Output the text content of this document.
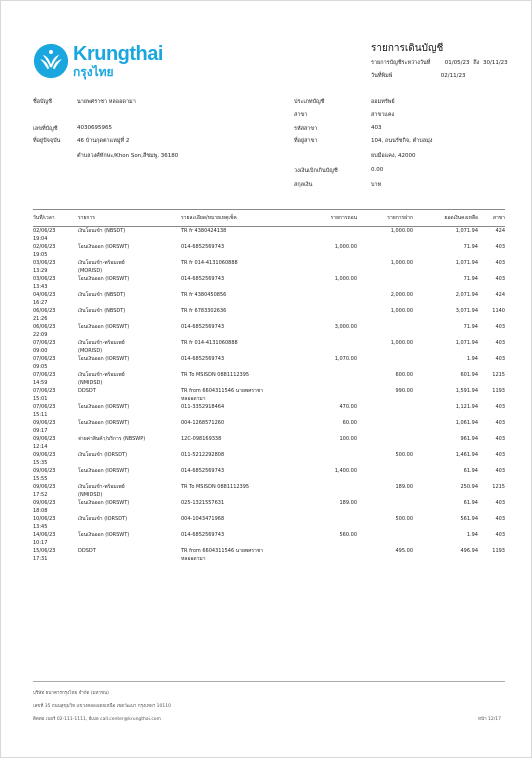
Krungthai
กรุงไทย
รายการเดินบัญชี
รายการบัญชีระหว่างวันที่	01/05/23 ถึง 30/11/23
วันที่พิมพ์	02/11/23
ชื่อบัญชี	นายพศราชา หลออดามา
เลขที่บัญชี	4030695965
ที่อยู่ปัจจุบัน	46 บ้านกุดตาแหมู่ที่ 2
ตำบลวงศ์ทักษะ/Khon Son,สีชมพู, 36180
ประเภทบัญชี	ออมทรัพย์
สาขา	สาขาแคง
รหัสสาขา	403
ที่อยู่สาขา	104, ถนนรัชกิจ, ตำบลมุ่ง
ยบมือแคง, 42000
วงเงินเบิกเกินบัญชี	0.00
สกุลเงิน	บาท
วันที่/เวลา	รายการ	รายละเอียด/หมายเหตุเช็ค	รายการถอน	รายการฝาก	ยอดเงินคงเหลือ	สาขา
02/06/23
19:04	เงินโอนเข้า (NBSDT)	TR fr 4380424138		1,000.00	1,071.94	424
02/06/23
19:05	โอนเงินออก (IORSWT)	014-6852569743	1,000.00		71.94	403
03/06/23
13:29	เงินโอนเข้า-พร้อมเพย์
(MORISD)	TR fr 014-4131060888		1,000.00	1,071.94	403
03/06/23
13:43	โอนเงินออก (IORSWT)	014-6852569743	1,000.00		71.94	403
04/06/23
16:27	เงินโอนเข้า (NBSDT)	TR fr 4380450856		2,000.00	2,071.94	424
06/06/23
21:26	เงินโอนเข้า (NBSDT)	TR fr 6783302636		1,000.00	3,071.94	1140
06/06/23
22:09	โอนเงินออก (IORSWT)	014-6852569743	3,000.00		71.94	403
07/06/23
09:00	เงินโอนเข้า-พร้อมเพย์
(MORISD)	TR fr 014-4131060888		1,000.00	1,071.94	403
07/06/23
09:05	โอนเงินออก (IORSWT)	014-6852569743	1,070.00		1.94	403
07/06/23
14:59	เงินโอนเข้า-พร้อมเพย์
(NMIDSD)	TR To MSISDN 0881112395		600.00	601.94	1215
07/06/23
15:01	DDSDT	TR from 6604311546 นายพศราชา
หลออดามา		990.00	1,591.94	1193
07/06/23
15:11	โอนเงินออก (IORSWT)	011-3352918464	470.00		1,121.94	403
09/06/23
09:17	โอนเงินออก (IORSWT)	004-1268571260	60.00		1,061.94	403
09/06/23
12:14	จ่ายค่าสินค้า/บริการ (NBSWP)	12C-098169338	100.00		961.94	403
09/06/23
15:35	เงินโอนเข้า (IORSDT)	011-5212292808		500.00	1,461.94	403
09/06/23
15:55	โอนเงินออก (IORSWT)	014-6852569743	1,400.00		61.94	403
09/06/23
17:52	เงินโอนเข้า-พร้อมเพย์
(NMIDSD)	TR To MSISDN 0881112395		189.00	250.94	1215
09/06/23
18:08	โอนเงินออก (IORSWT)	025-1321557631	189.00		61.94	403
10/06/23
13:45	เงินโอนเข้า (IORSDT)	004-1043471968		500.00	561.94	403
14/06/23
10:17	โอนเงินออก (IORSWT)	014-6852569743	560.00		1.94	403
15/06/23
17:31	DDSDT	TR from 6604311546 นายพศราชา
หลออดามา		495.00	496.94	1193
บริษัท ธนาคารกรุงไทย จำกัด (มหาชน)
เลขที่ 35 ถนนสุขุมวิท แขวงคลองเตยเหนือ เขตวัฒนา กรุงเทพฯ 10110
ติดต่อ เบอร์ 02-111-1111, อีเมล call.center@krungthai.com	หน้า 12/17
